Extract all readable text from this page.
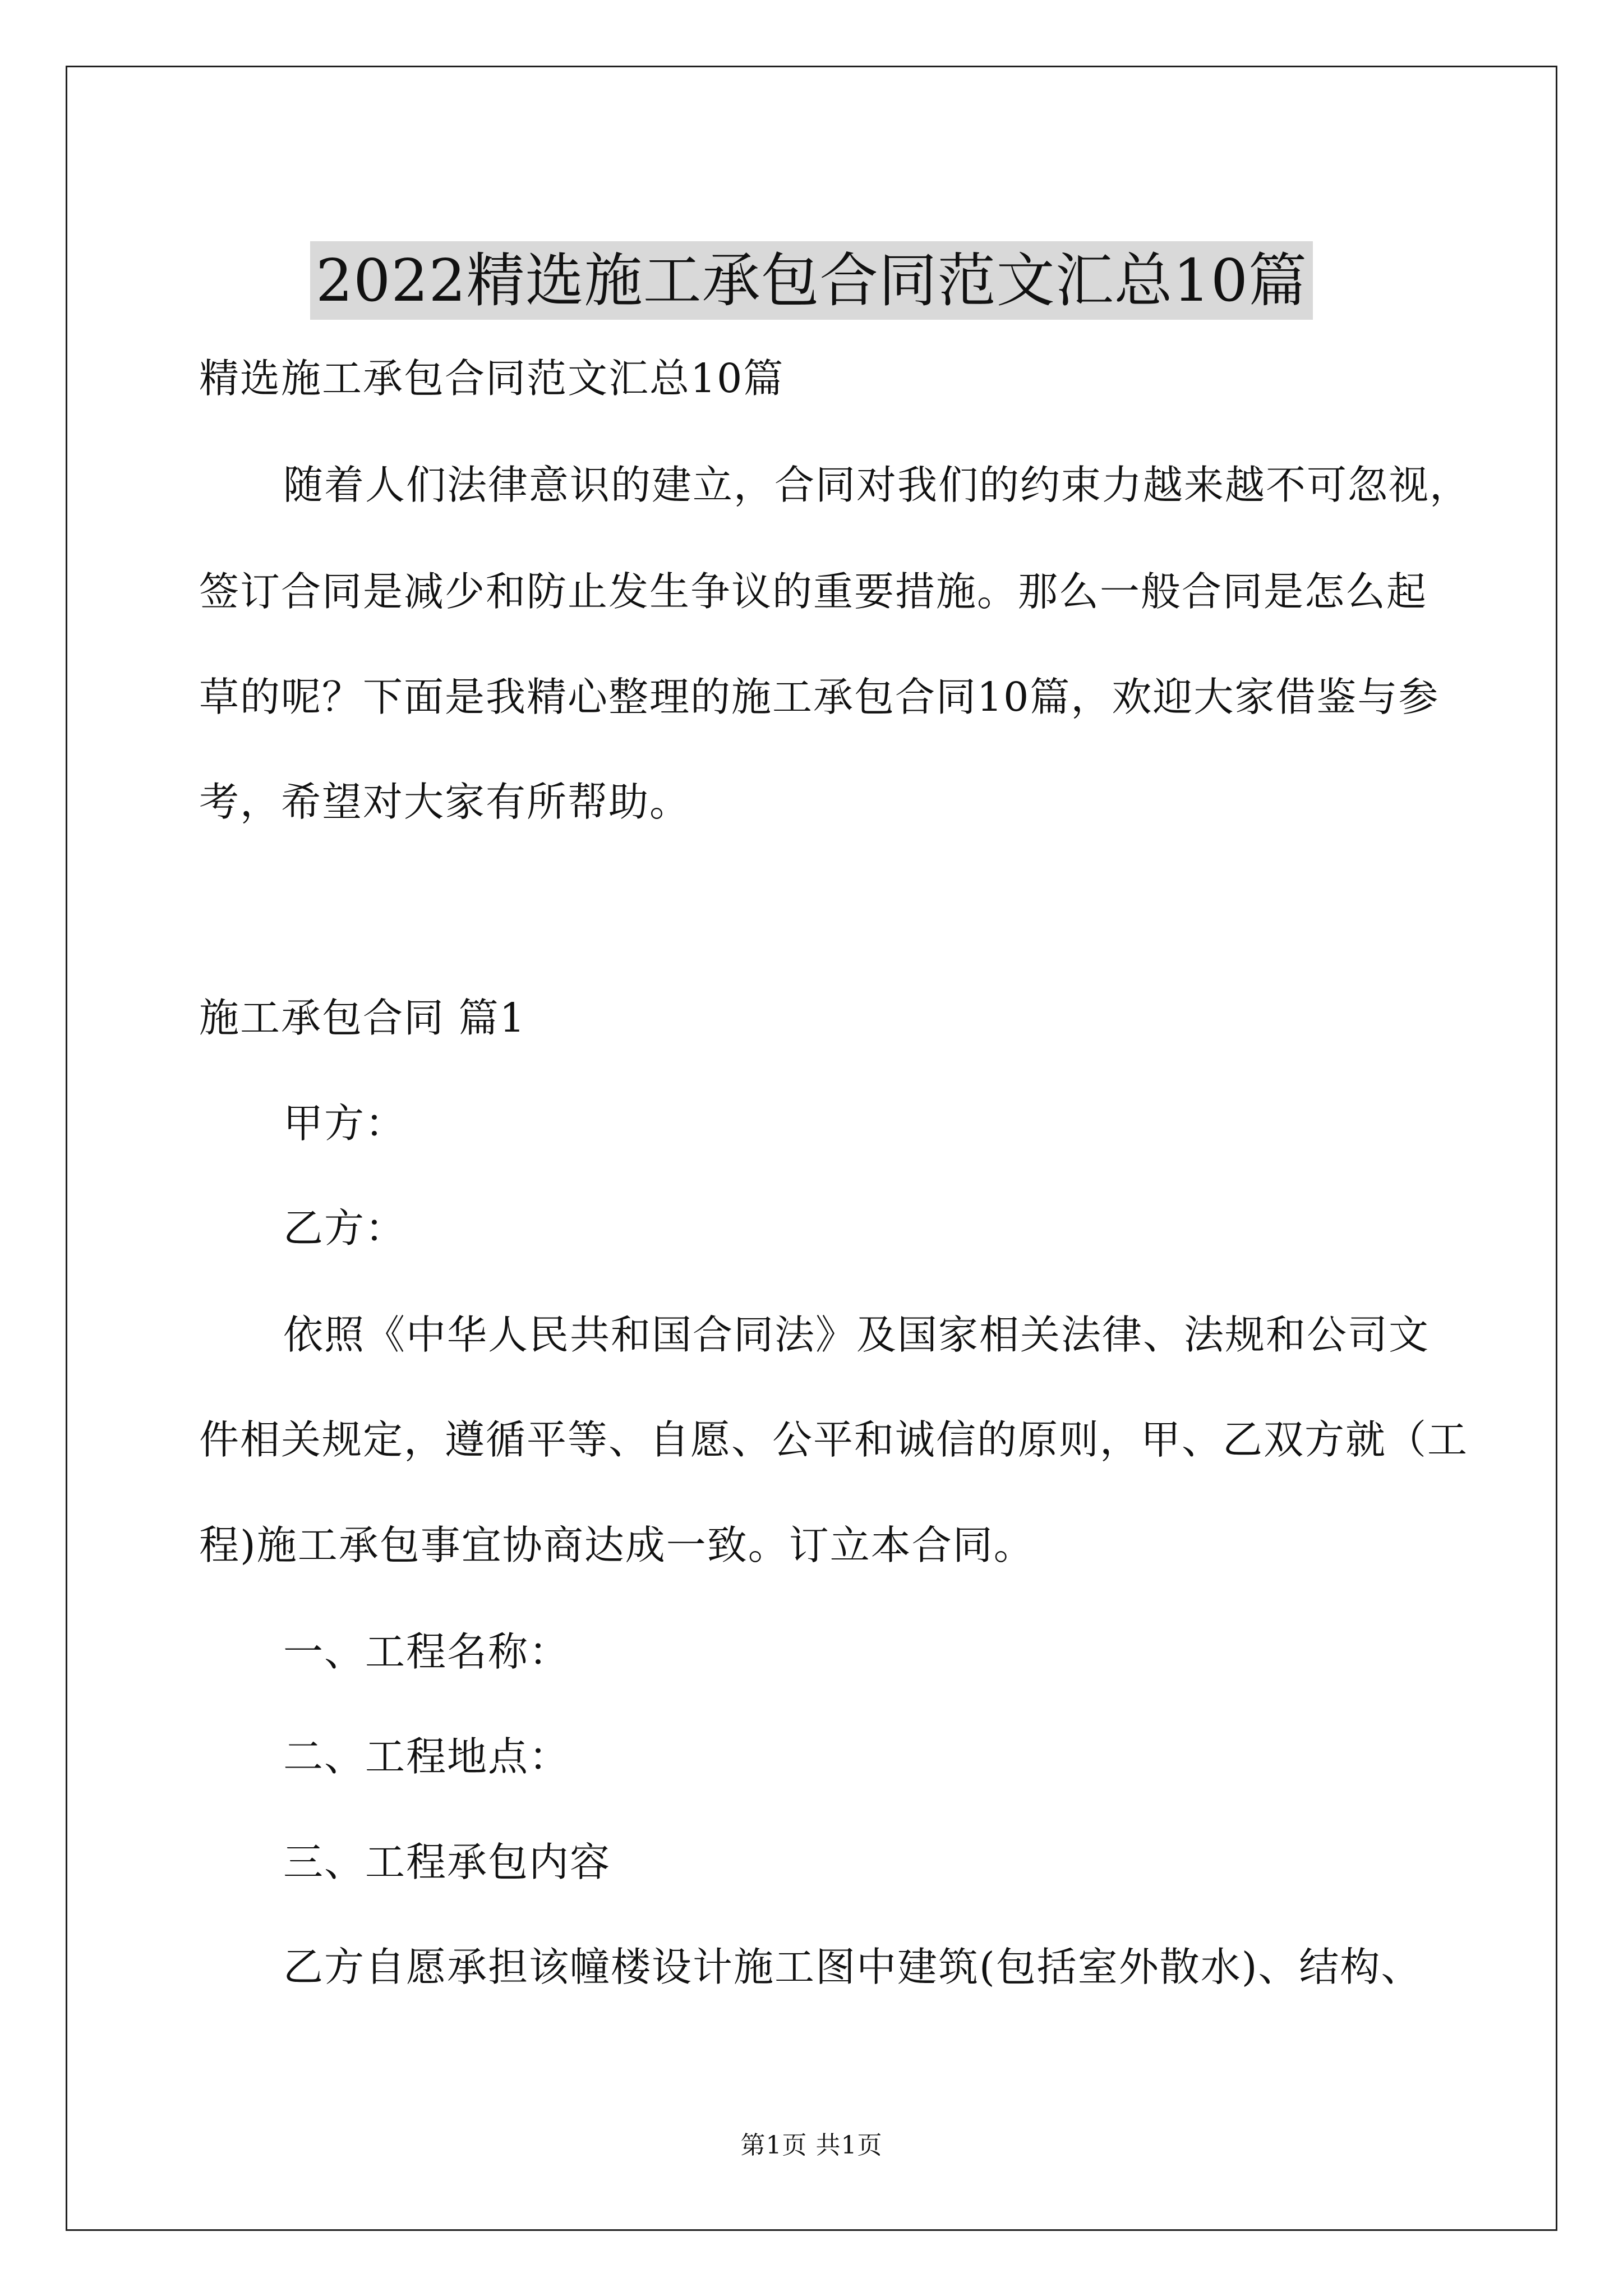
2022精选施工承包合同范文汇总10篇
精选施工承包合同范文汇总10篇
随着人们法律意识的建立，合同对我们的约束力越来越不可忽视，
签订合同是减少和防止发生争议的重要措施。那么一般合同是怎么起
草的呢？下面是我精心整理的施工承包合同10篇，欢迎大家借鉴与参
考，希望对大家有所帮助。
施工承包合同 篇1
甲方：
乙方：
依照《中华人民共和国合同法》及国家相关法律、法规和公司文
件相关规定，遵循平等、自愿、公平和诚信的原则，甲、乙双方就（工
程)施工承包事宜协商达成一致。订立本合同。
一、工程名称：
二、工程地点：
三、工程承包内容
乙方自愿承担该幢楼设计施工图中建筑(包括室外散水)、结构、
第1页 共1页
